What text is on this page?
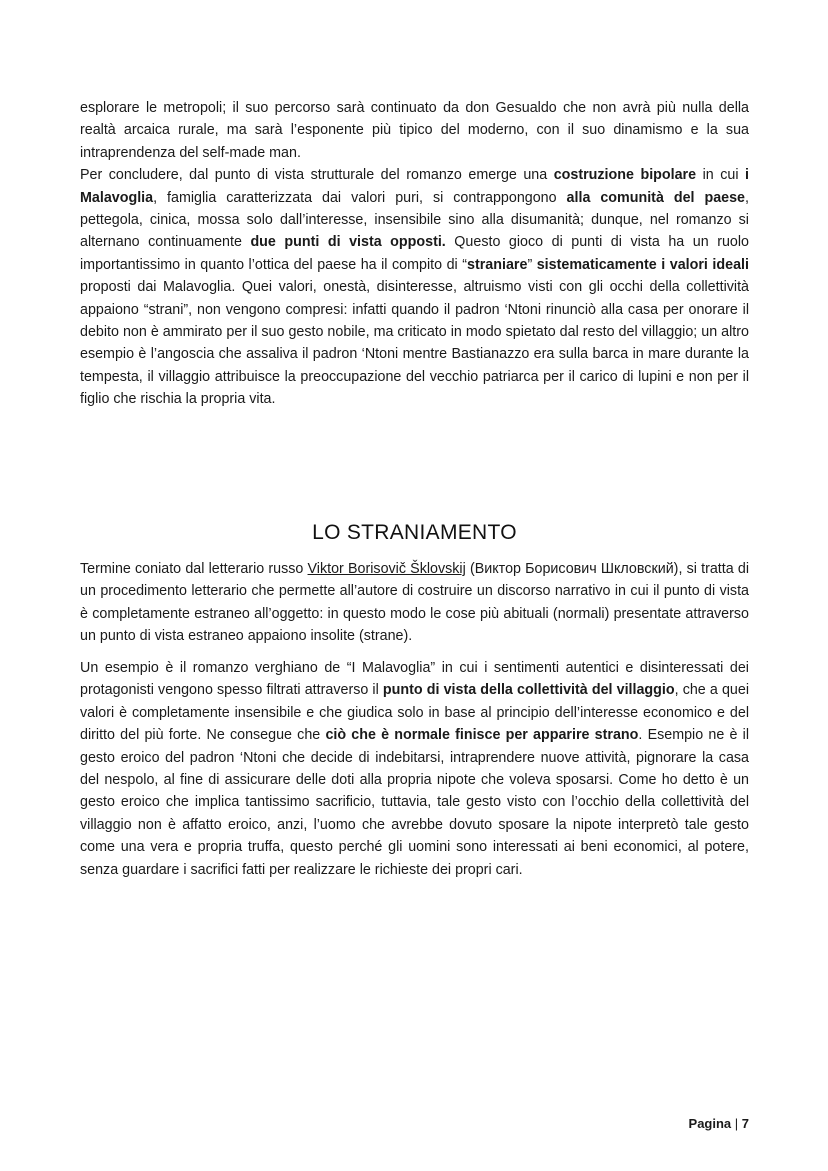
esplorare le metropoli; il suo percorso sarà continuato da don Gesualdo che non avrà più nulla della realtà arcaica rurale, ma sarà l’esponente più tipico del moderno, con il suo dinamismo e la sua intraprendenza del self-made man.
Per concludere, dal punto di vista strutturale del romanzo emerge una costruzione bipolare in cui i Malavoglia, famiglia caratterizzata dai valori puri, si contrappongono alla comunità del paese, pettegola, cinica, mossa solo dall’interesse, insensibile sino alla disumanità; dunque, nel romanzo si alternano continuamente due punti di vista opposti. Questo gioco di punti di vista ha un ruolo importantissimo in quanto l’ottica del paese ha il compito di “straniare” sistematicamente i valori ideali proposti dai Malavoglia. Quei valori, onestà, disinteresse, altruismo visti con gli occhi della collettività appaiono “strani”, non vengono compresi: infatti quando il padron ‘Ntoni rinunciò alla casa per onorare il debito non è ammirato per il suo gesto nobile, ma criticato in modo spietato dal resto del villaggio; un altro esempio è l’angoscia che assaliva il padron ‘Ntoni mentre Bastianazzo era sulla barca in mare durante la tempesta, il villaggio attribuisce la preoccupazione del vecchio patriarca per il carico di lupini e non per il figlio che rischia la propria vita.

LO STRANIAMENTO

Termine coniato dal letterario russo Viktor Borisovič Šklovskij (Виктор Борисович Шкловский), si tratta di un procedimento letterario che permette all’autore di costruire un discorso narrativo in cui il punto di vista è completamente estraneo all’oggetto: in questo modo le cose più abituali (normali) presentate attraverso un punto di vista estraneo appaiono insolite (strane).

Un esempio è il romanzo verghiano de “I Malavoglia” in cui i sentimenti autentici e disinteressati dei protagonisti vengono spesso filtrati attraverso il punto di vista della collettività del villaggio, che a quei valori è completamente insensibile e che giudica solo in base al principio dell’interesse economico e del diritto del più forte. Ne consegue che ciò che è normale finisce per apparire strano. Esempio ne è il gesto eroico del padron ‘Ntoni che decide di indebitarsi, intraprendere nuove attività, pignorare la casa del nespolo, al fine di assicurare delle doti alla propria nipote che voleva sposarsi. Come ho detto è un gesto eroico che implica tantissimo sacrificio, tuttavia, tale gesto visto con l’occhio della collettività del villaggio non è affatto eroico, anzi, l’uomo che avrebbe dovuto sposare la nipote interpretò tale gesto come una vera e propria truffa, questo perché gli uomini sono interessati ai beni economici, al potere, senza guardare i sacrifici fatti per realizzare le richieste dei propri cari.

Pagina | 7
